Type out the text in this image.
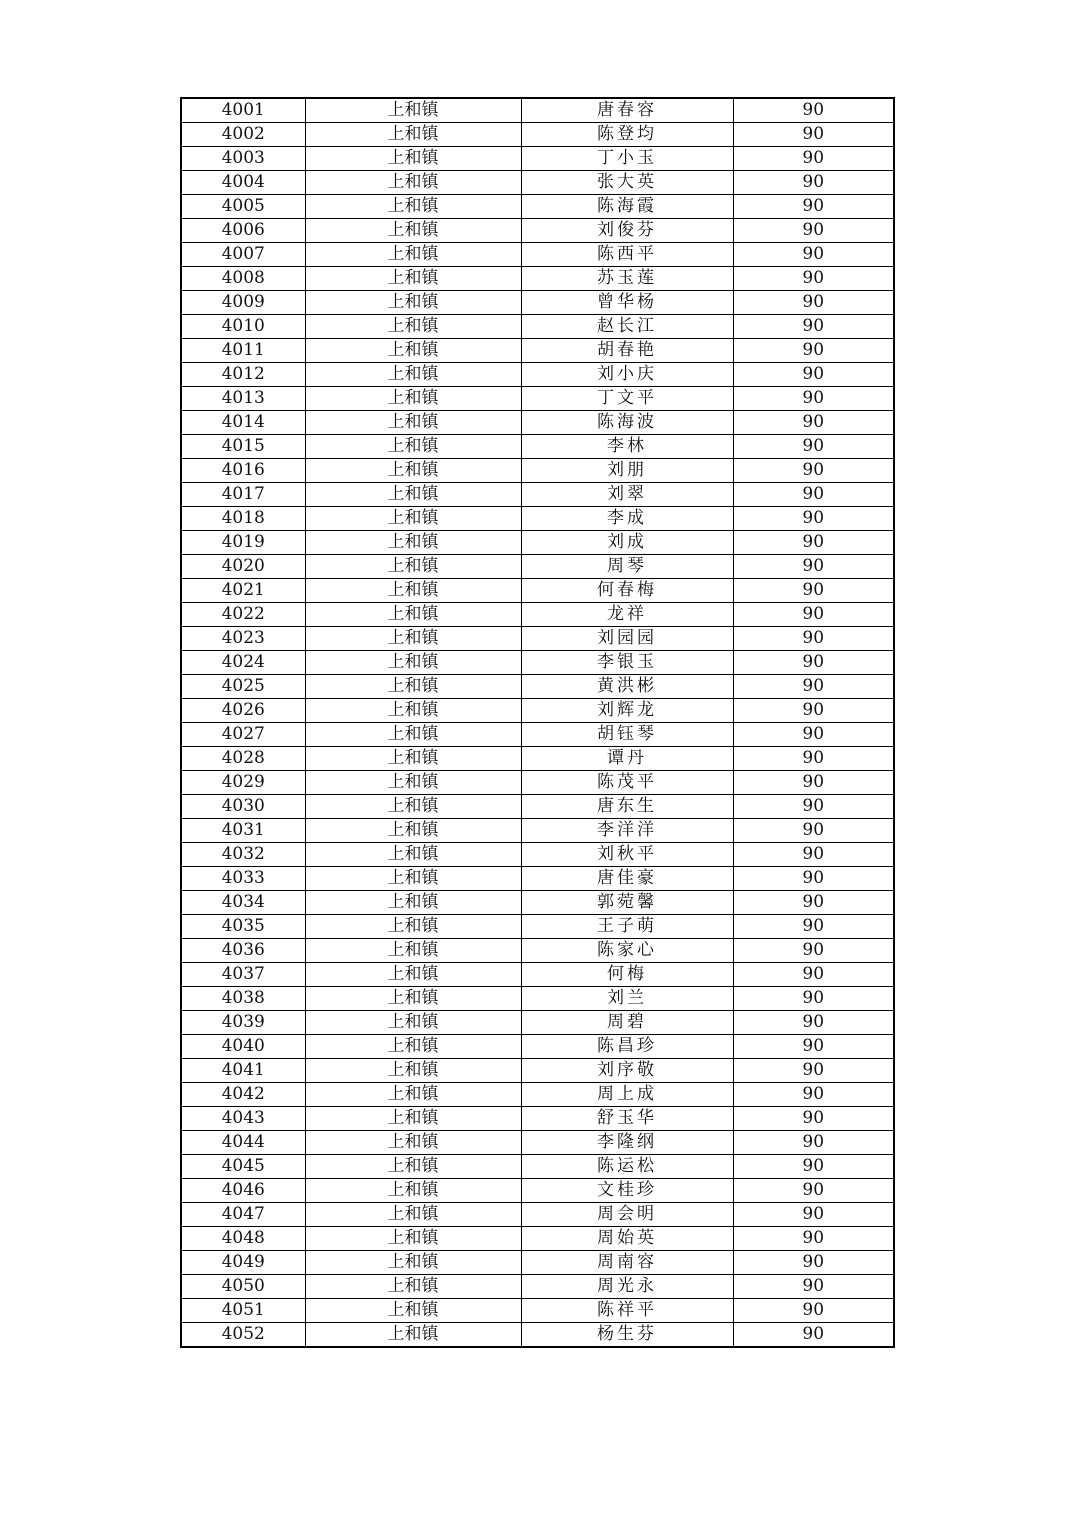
4001	上和镇	唐春容	90
4002	上和镇	陈登均	90
4003	上和镇	丁小玉	90
4004	上和镇	张大英	90
4005	上和镇	陈海霞	90
4006	上和镇	刘俊芬	90
4007	上和镇	陈西平	90
4008	上和镇	苏玉莲	90
4009	上和镇	曾华杨	90
4010	上和镇	赵长江	90
4011	上和镇	胡春艳	90
4012	上和镇	刘小庆	90
4013	上和镇	丁文平	90
4014	上和镇	陈海波	90
4015	上和镇	李林	90
4016	上和镇	刘朋	90
4017	上和镇	刘翠	90
4018	上和镇	李成	90
4019	上和镇	刘成	90
4020	上和镇	周琴	90
4021	上和镇	何春梅	90
4022	上和镇	龙祥	90
4023	上和镇	刘园园	90
4024	上和镇	李银玉	90
4025	上和镇	黄洪彬	90
4026	上和镇	刘辉龙	90
4027	上和镇	胡钰琴	90
4028	上和镇	谭丹	90
4029	上和镇	陈茂平	90
4030	上和镇	唐东生	90
4031	上和镇	李洋洋	90
4032	上和镇	刘秋平	90
4033	上和镇	唐佳豪	90
4034	上和镇	郭菀馨	90
4035	上和镇	王子萌	90
4036	上和镇	陈家心	90
4037	上和镇	何梅	90
4038	上和镇	刘兰	90
4039	上和镇	周碧	90
4040	上和镇	陈昌珍	90
4041	上和镇	刘序敬	90
4042	上和镇	周上成	90
4043	上和镇	舒玉华	90
4044	上和镇	李隆纲	90
4045	上和镇	陈运松	90
4046	上和镇	文桂珍	90
4047	上和镇	周会明	90
4048	上和镇	周始英	90
4049	上和镇	周南容	90
4050	上和镇	周光永	90
4051	上和镇	陈祥平	90
4052	上和镇	杨生芬	90
